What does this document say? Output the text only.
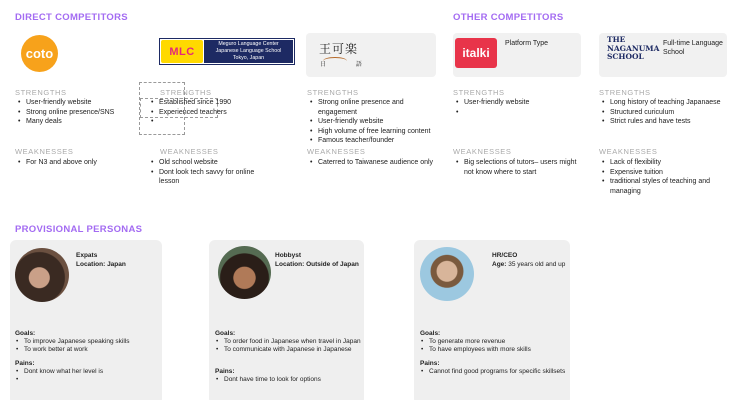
DIRECT COMPETITORS	OTHER COMPETITORS
PROVISIONAL PERSONAS
coto
STRENGTHS
• User-friendly website
• Strong online presence/SNS
• Many deals
WEAKNESSES
• For N3 and above only
MLC
Meguro Language Center
Japanese Language School
Tokyo, Japan
STRENGTHS
• Established since 1990
• Experienced teachers
WEAKNESSES
• Old school website
• Dont look tech savvy for online lesson
王可楽
日 語
STRENGTHS
• Strong online presence and engagement
• User-friendly website
• High volume of free learning content
• Famous teacher/founder
WEAKNESSES
• Caterred to Taiwanese audience only
italki
Platform Type
STRENGTHS
• User-friendly website
WEAKNESSES
• Big selections of tutors– users might not know where to start
THE
NAGANUMA
SCHOOL
Full-time Language School
STRENGTHS
• Long history of teaching Japanaese
• Structured curiculum
• Strict rules and have tests
WEAKNESSES
• Lack of flexibility
• Expensive tuition
• traditional styles of teaching and managing
Expats
Location: Japan
Goals:
• To improve Japanese speaking skills
• To work better at work
Pains:
• Dont know what her level is
Hobbyst
Location: Outside of Japan
Goals:
• To order food in Japanese when travel in Japan
• To communicate with Japanese in Japanese
Pains:
• Dont have time to look for options
HR/CEO
Age: 35 years old and up
Goals:
• To generate more revenue
• To have employees with more skills
Pains:
• Cannot find good programs for specific skillsets
